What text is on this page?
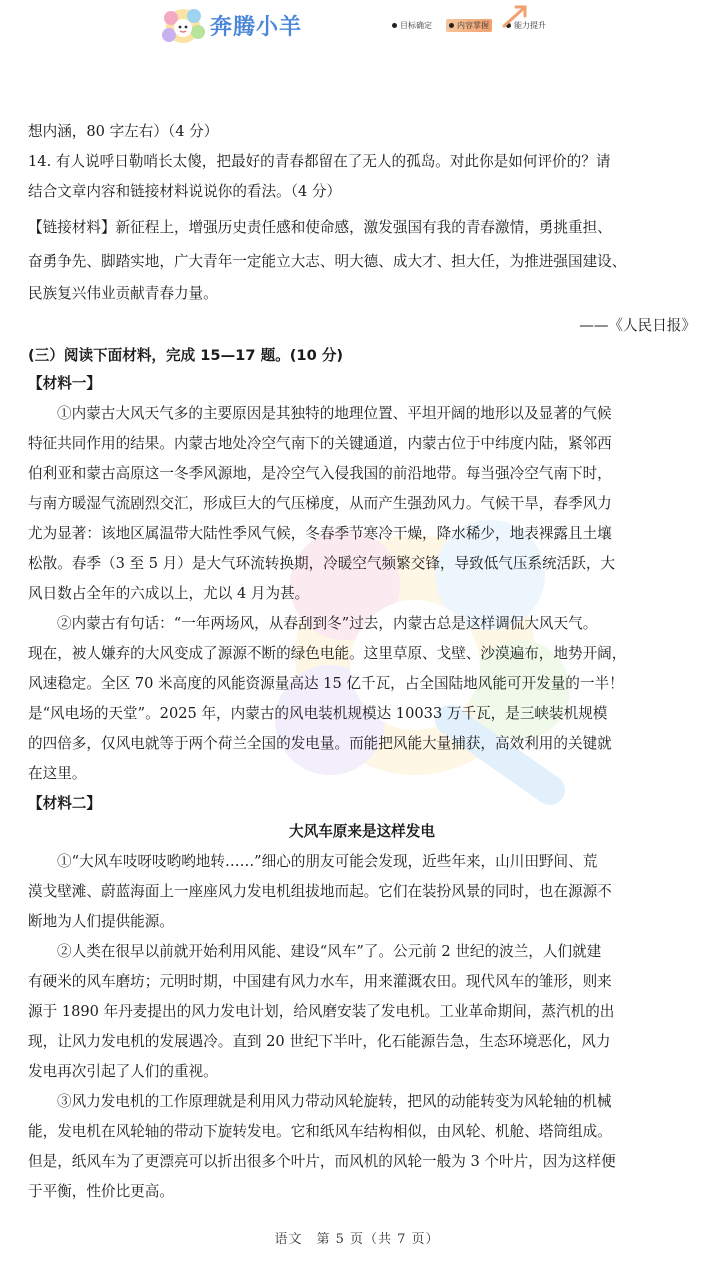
奔腾小羊	目标确定	内容掌握	能力提升
想内涵，80 字左右）（4 分）
14. 有人说呼日勒哨长太傻，把最好的青春都留在了无人的孤岛。对此你是如何评价的？请
结合文章内容和链接材料说说你的看法。（4 分）
【链接材料】新征程上，增强历史责任感和使命感，激发强国有我的青春激情，勇挑重担、
奋勇争先、脚踏实地，广大青年一定能立大志、明大德、成大才、担大任，为推进强国建设、
民族复兴伟业贡献青春力量。
——《人民日报》
(三）阅读下面材料，完成 15—17 题。(10 分)
【材料一】
①内蒙古大风天气多的主要原因是其独特的地理位置、平坦开阔的地形以及显著的气候
特征共同作用的结果。内蒙古地处冷空气南下的关键通道，内蒙古位于中纬度内陆，紧邻西
伯利亚和蒙古高原这一冬季风源地，是冷空气入侵我国的前沿地带。每当强冷空气南下时，
与南方暖湿气流剧烈交汇，形成巨大的气压梯度，从而产生强劲风力。气候干旱，春季风力
尤为显著：该地区属温带大陆性季风气候，冬春季节寒冷干燥，降水稀少，地表裸露且土壤
松散。春季（3 至 5 月）是大气环流转换期，冷暖空气频繁交锋，导致低气压系统活跃，大
风日数占全年的六成以上，尤以 4 月为甚。
②内蒙古有句话：“一年两场风，从春刮到冬”过去，内蒙古总是这样调侃大风天气。
现在，被人嫌弃的大风变成了源源不断的绿色电能。这里草原、戈壁、沙漠遍布，地势开阔，
风速稳定。全区 70 米高度的风能资源量高达 15 亿千瓦，占全国陆地风能可开发量的一半！
是“风电场的天堂”。2025 年，内蒙古的风电装机规模达 10033 万千瓦，是三峡装机规模
的四倍多，仅风电就等于两个荷兰全国的发电量。而能把风能大量捕获，高效利用的关键就
在这里。
【材料二】
大风车原来是这样发电
①“大风车吱呀吱哟哟地转……”细心的朋友可能会发现，近些年来，山川田野间、荒
漠戈壁滩、蔚蓝海面上一座座风力发电机组拔地而起。它们在装扮风景的同时，也在源源不
断地为人们提供能源。
②人类在很早以前就开始利用风能、建设“风车”了。公元前 2 世纪的波兰，人们就建
有硬米的风车磨坊；元明时期，中国建有风力水车，用来灌溉农田。现代风车的雏形，则来
源于 1890 年丹麦提出的风力发电计划，给风磨安装了发电机。工业革命期间，蒸汽机的出
现，让风力发电机的发展遇冷。直到 20 世纪下半叶，化石能源告急，生态环境恶化，风力
发电再次引起了人们的重视。
③风力发电机的工作原理就是利用风力带动风轮旋转，把风的动能转变为风轮轴的机械
能，发电机在风轮轴的带动下旋转发电。它和纸风车结构相似，由风轮、机舱、塔筒组成。
但是，纸风车为了更漂亮可以折出很多个叶片，而风机的风轮一般为 3 个叶片，因为这样便
于平衡，性价比更高。
语文　第 5 页（共 7 页）
